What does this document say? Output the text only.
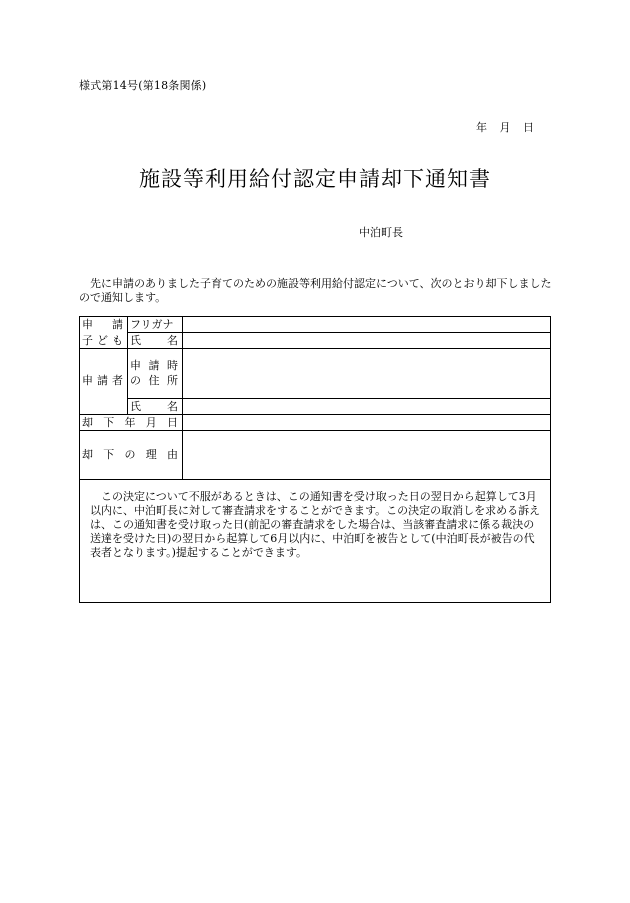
様式第14号(第18条関係)
年 月 日
施設等利用給付認定申請却下通知書
中泊町長
先に申請のありました子育てのための施設等利用給付認定について、次のとおり却下しましたので通知します。
申 請
子 ど も
フリガナ
氏 名
申 請 者
申 請 時
の 住 所
氏 名
却 下 年 月 日
却 下 の 理 由
この決定について不服があるときは、この通知書を受け取った日の翌日から起算して3月以内に、中泊町長に対して審査請求をすることができます。この決定の取消しを求める訴えは、この通知書を受け取った日(前記の審査請求をした場合は、当該審査請求に係る裁決の送達を受けた日)の翌日から起算して6月以内に、中泊町を被告として(中泊町長が被告の代表者となります。)提起することができます。
